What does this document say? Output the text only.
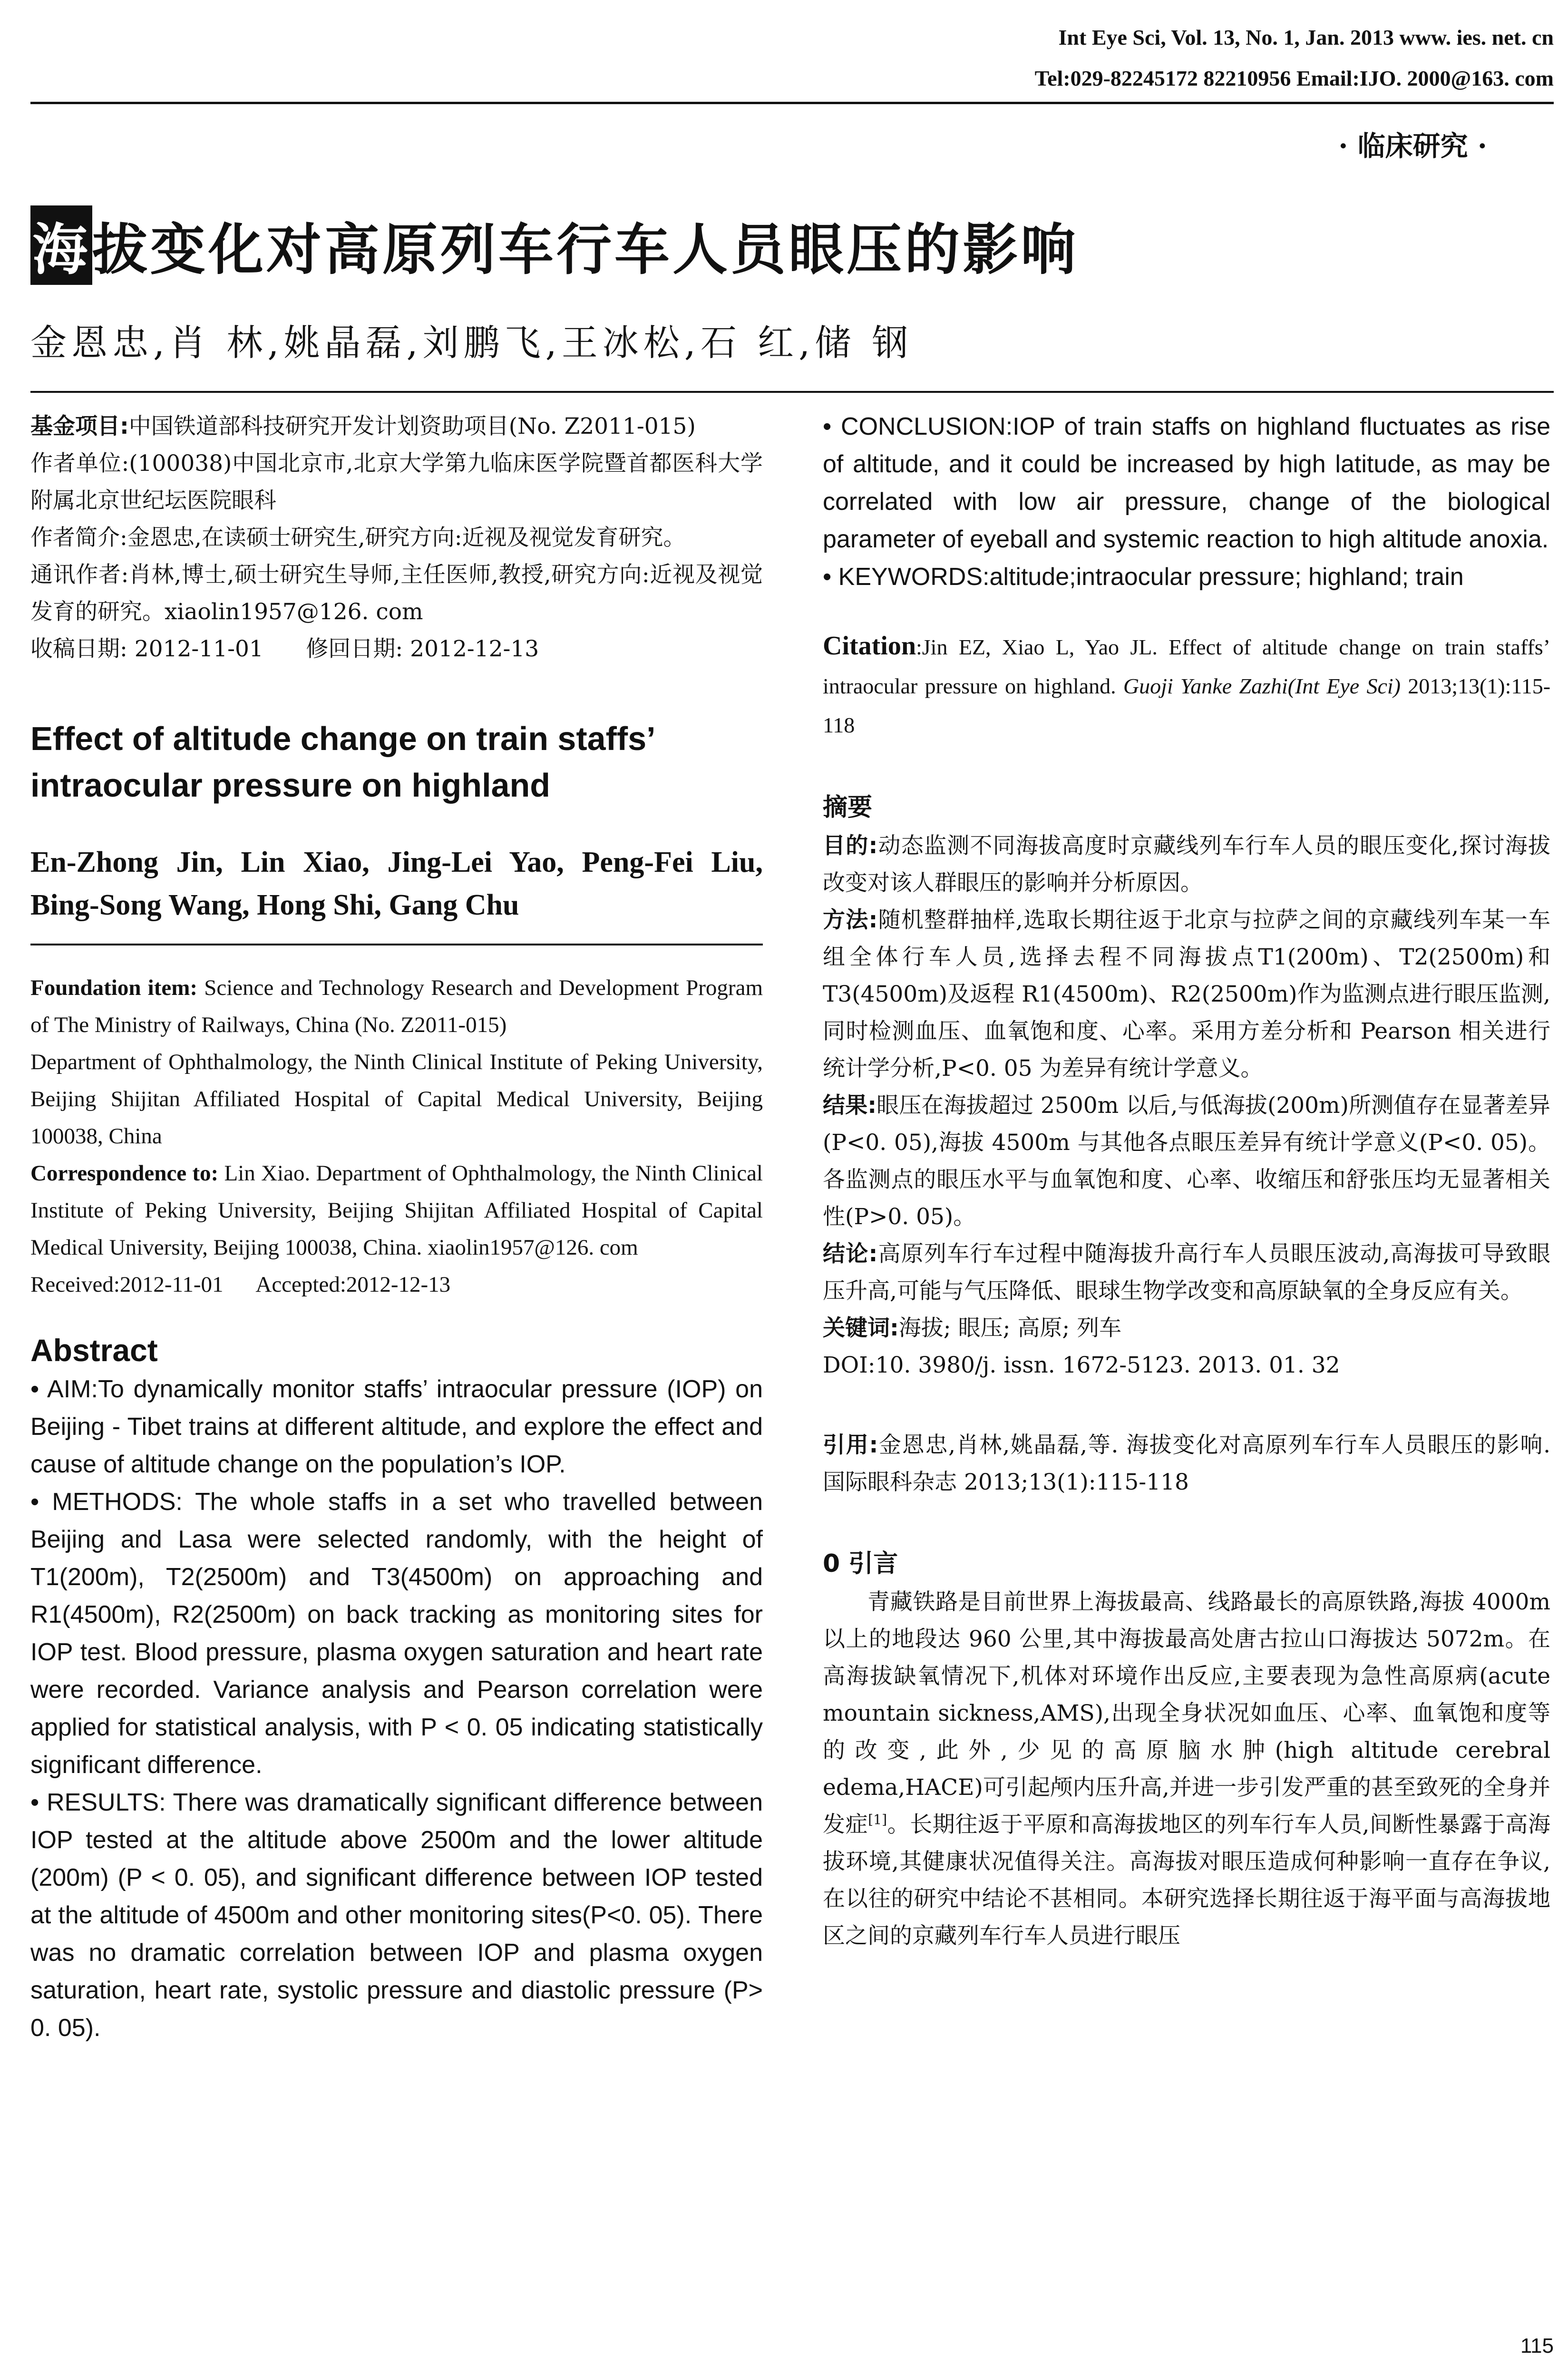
Int Eye Sci, Vol. 13, No. 1, Jan. 2013 www. ies. net. cn
Tel:029-82245172 82210956 Email:IJO. 2000@163. com
· 临床研究 ·
海拔变化对高原列车行车人员眼压的影响
金恩忠,肖 林,姚晶磊,刘鹏飞,王冰松,石 红,储 钢

基金项目:中国铁道部科技研究开发计划资助项目(No. Z2011-015)

作者单位:(100038)中国北京市,北京大学第九临床医学院暨首都医科大学附属北京世纪坛医院眼科

作者简介:金恩忠,在读硕士研究生,研究方向:近视及视觉发育研究。

通讯作者:肖林,博士,硕士研究生导师,主任医师,教授,研究方向:近视及视觉发育的研究。xiaolin1957@126. com

收稿日期: 2012-11-01      修回日期: 2012-12-13

Effect of altitude change on train staffs’ intraocular pressure on highland
En-Zhong Jin, Lin Xiao, Jing-Lei Yao, Peng-Fei Liu, Bing-Song Wang, Hong Shi, Gang Chu

Foundation item: Science and Technology Research and Development Program of The Ministry of Railways, China (No. Z2011-015)

Department of Ophthalmology, the Ninth Clinical Institute of Peking University, Beijing Shijitan Affiliated Hospital of Capital Medical University, Beijing 100038, China

Correspondence to: Lin Xiao. Department of Ophthalmology, the Ninth Clinical Institute of Peking University, Beijing Shijitan Affiliated Hospital of Capital Medical University, Beijing 100038, China. xiaolin1957@126. com

Received:2012-11-01      Accepted:2012-12-13

Abstract

• AIM:To dynamically monitor staffs’ intraocular pressure (IOP) on Beijing - Tibet trains at different altitude, and explore the effect and cause of altitude change on the population’s IOP.

• METHODS: The whole staffs in a set who travelled between Beijing and Lasa were selected randomly, with the height of T1(200m), T2(2500m) and T3(4500m) on approaching and R1(4500m), R2(2500m) on back tracking as monitoring sites for IOP test. Blood pressure, plasma oxygen saturation and heart rate were recorded. Variance analysis and Pearson correlation were applied for statistical analysis, with P < 0. 05 indicating statistically significant difference.

• RESULTS: There was dramatically significant difference between IOP tested at the altitude above 2500m and the lower altitude (200m) (P < 0. 05), and significant difference between IOP tested at the altitude of 4500m and other monitoring sites(P<0. 05). There was no dramatic correlation between IOP and plasma oxygen saturation, heart rate, systolic pressure and diastolic pressure (P> 0. 05).

• CONCLUSION:IOP of train staffs on highland fluctuates as rise of altitude, and it could be increased by high latitude, as may be correlated with low air pressure, change of the biological parameter of eyeball and systemic reaction to high altitude anoxia.

• KEYWORDS:altitude;intraocular pressure; highland; train

Citation:Jin EZ, Xiao L, Yao JL. Effect of altitude change on train staffs’ intraocular pressure on highland. Guoji Yanke Zazhi(Int Eye Sci) 2013;13(1):115-118
摘要

目的:动态监测不同海拔高度时京藏线列车行车人员的眼压变化,探讨海拔改变对该人群眼压的影响并分析原因。

方法:随机整群抽样,选取长期往返于北京与拉萨之间的京藏线列车某一车组全体行车人员,选择去程不同海拔点T1(200m)、T2(2500m)和 T3(4500m)及返程 R1(4500m)、R2(2500m)作为监测点进行眼压监测,同时检测血压、血氧饱和度、心率。采用方差分析和 Pearson 相关进行统计学分析,P<0. 05 为差异有统计学意义。

结果:眼压在海拔超过 2500m 以后,与低海拔(200m)所测值存在显著差异(P<0. 05),海拔 4500m 与其他各点眼压差异有统计学意义(P<0. 05)。各监测点的眼压水平与血氧饱和度、心率、收缩压和舒张压均无显著相关性(P>0. 05)。

结论:高原列车行车过程中随海拔升高行车人员眼压波动,高海拔可导致眼压升高,可能与气压降低、眼球生物学改变和高原缺氧的全身反应有关。

关键词:海拔; 眼压; 高原; 列车

DOI:10. 3980/j. issn. 1672-5123. 2013. 01. 32

引用:金恩忠,肖林,姚晶磊,等. 海拔变化对高原列车行车人员眼压的影响. 国际眼科杂志 2013;13(1):115-118

0 引言

青藏铁路是目前世界上海拔最高、线路最长的高原铁路,海拔 4000m 以上的地段达 960 公里,其中海拔最高处唐古拉山口海拔达 5072m。在高海拔缺氧情况下,机体对环境作出反应,主要表现为急性高原病(acute mountain sickness,AMS),出现全身状况如血压、心率、血氧饱和度等的改变,此外,少见的高原脑水肿(high altitude cerebral edema,HACE)可引起颅内压升高,并进一步引发严重的甚至致死的全身并发症[1]。长期往返于平原和高海拔地区的列车行车人员,间断性暴露于高海拔环境,其健康状况值得关注。高海拔对眼压造成何种影响一直存在争议,在以往的研究中结论不甚相同。本研究选择长期往返于海平面与高海拔地区之间的京藏列车行车人员进行眼压

115
